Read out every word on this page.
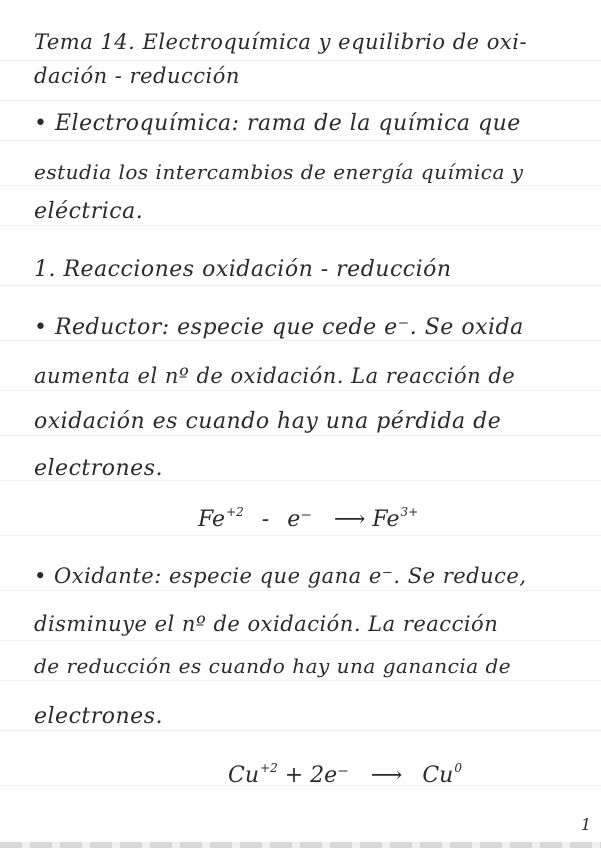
Tema 14. Electroquímica y equilibrio de oxi-
dación - reducción
• Electroquímica: rama de la química que
estudia los intercambios de energía química y
eléctrica.
1. Reacciones oxidación - reducción
• Reductor: especie que cede e⁻. Se oxida
aumenta el nº de oxidación. La reacción de
oxidación es cuando hay una pérdida de
electrones.
$Fe^{+2} - e^-$ ⟶ $Fe^{3+}$
• Oxidante: especie que gana e⁻. Se reduce,
disminuye el nº de oxidación. La reacción
de reducción es cuando hay una ganancia de
electrones.
$Cu^{+2} + 2e^-$ ⟶ Cu$^0$
1
